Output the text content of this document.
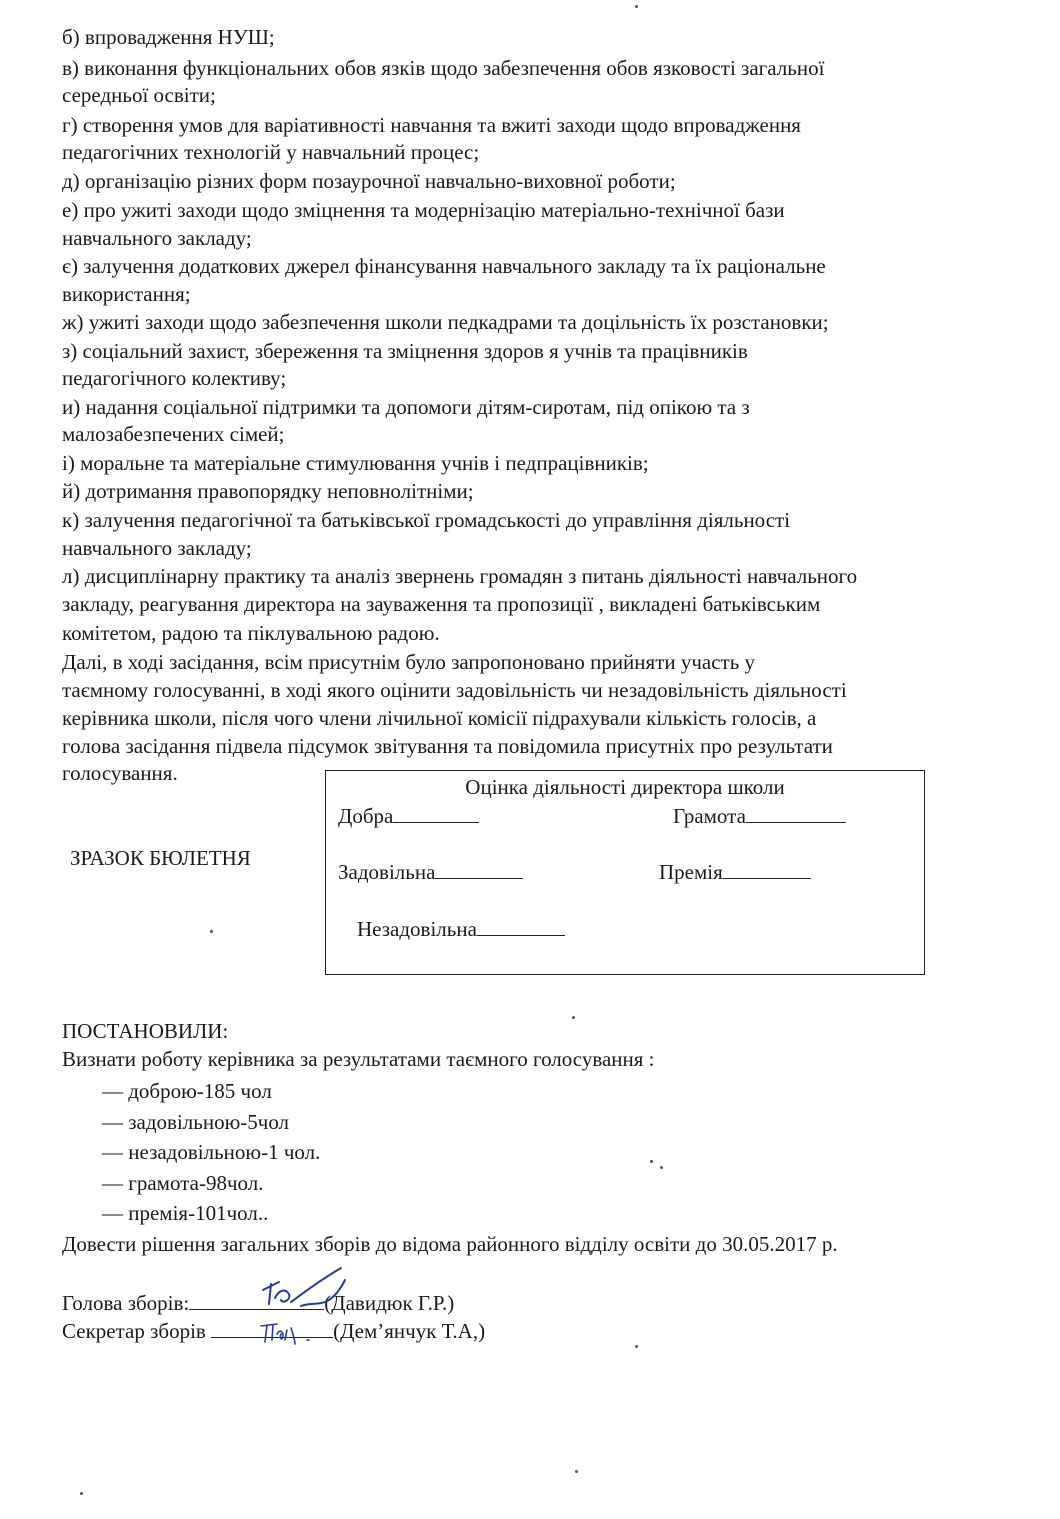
б) впровадження НУШ;
в) виконання функціональних обов язків щодо забезпечення обов язковості загальної
середньої освіти;
г) створення умов для варіативності навчання та вжиті заходи щодо впровадження
педагогічних технологій у навчальний процес;
д) організацію різних форм позаурочної навчально-виховної роботи;
е) про ужиті заходи щодо зміцнення та модернізацію матеріально-технічної бази
навчального закладу;
є) залучення додаткових джерел фінансування навчального закладу та їх раціональне
використання;
ж) ужиті заходи щодо забезпечення школи педкадрами та доцільність їх розстановки;
з) соціальний захист, збереження та зміцнення здоров я учнів та працівників
педагогічного колективу;
и) надання соціальної підтримки та допомоги дітям-сиротам, під опікою та з
малозабезпечених сімей;
і) моральне та матеріальне стимулювання учнів і педпрацівників;
й) дотримання правопорядку неповнолітніми;
к) залучення педагогічної та батьківської громадськості до управління діяльності
навчального закладу;
л) дисциплінарну практику та аналіз звернень громадян з питань діяльності навчального
закладу, реагування директора на зауваження та пропозиції , викладені батьківським
комітетом, радою та піклувальною радою.
Далі, в ході засідання, всім присутнім було запропоновано прийняти участь у
таємному голосуванні, в ході якого оцінити задовільність чи незадовільність діяльності
керівника школи, після чого члени лічильної комісії підрахували кількість голосів, а
голова засідання підвела підсумок звітування та повідомила присутніх про результати
голосування.
ЗРАЗОК БЮЛЕТНЯ
Оцінка діяльності директора школи
Добра	Грамота
Задовільна	Премія
Незадовільна
ПОСТАНОВИЛИ:
Визнати роботу керівника за результатами таємного голосування :
— доброю-185 чол
— задовільною-5чол
— незадовільною-1 чол.
— грамота-98чол.
— премія-101чол..
Довести рішення загальних зборів до відома районного відділу освіти до 30.05.2017 р.
Голова зборів:	(Давидюк Г.Р.)
Секретар зборів	(Дем’янчук Т.А,)
